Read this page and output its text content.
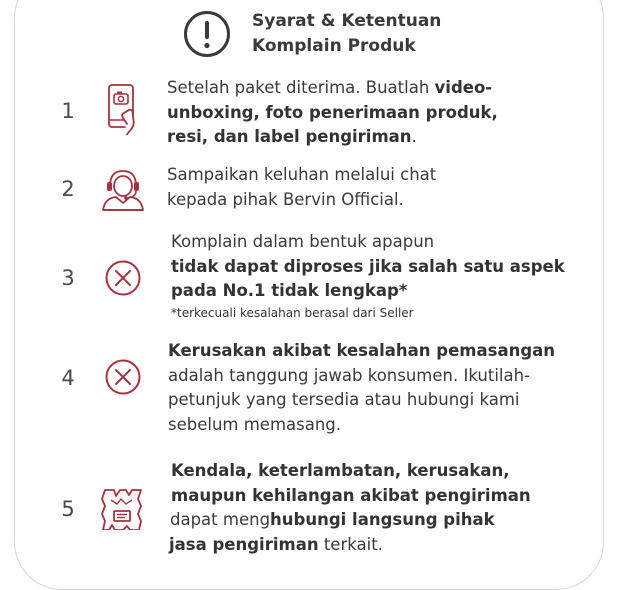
Syarat & Ketentuan
Komplain Produk
1
Setelah paket diterima. Buatlah video-
unboxing, foto penerimaan produk,
resi, dan label pengiriman.
2
Sampaikan keluhan melalui chat
kepada pihak Bervin Official.
3
Komplain dalam bentuk apapun
tidak dapat diproses jika salah satu aspek
pada No.1 tidak lengkap*
*terkecuali kesalahan berasal dari Seller
4
Kerusakan akibat kesalahan pemasangan
adalah tanggung jawab konsumen. Ikutilah-
petunjuk yang tersedia atau hubungi kami
sebelum memasang.
5
Kendala, keterlambatan, kerusakan,
maupun kehilangan akibat pengiriman
dapat menghubungi langsung pihak
jasa pengiriman terkait.
